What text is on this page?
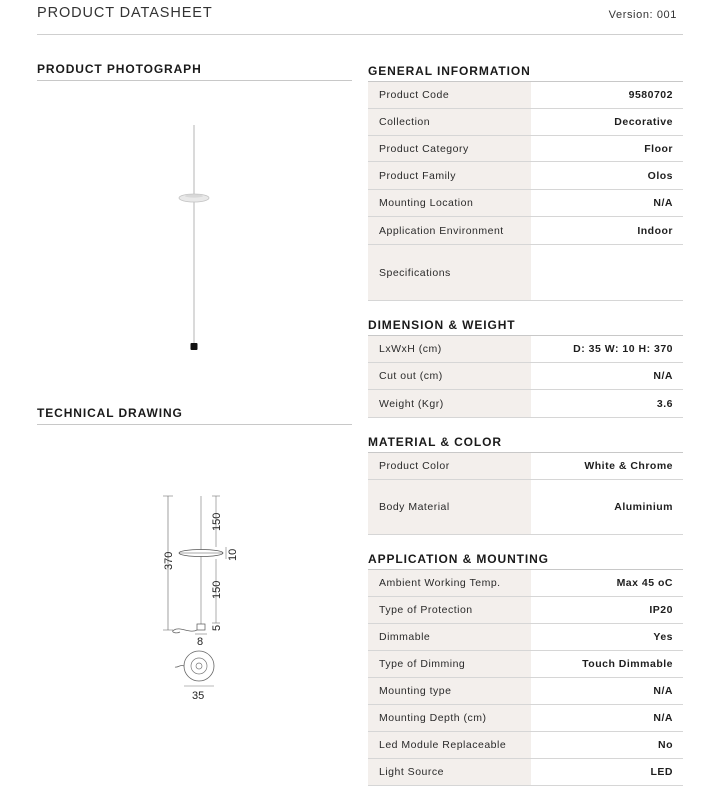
PRODUCT DATASHEET	Version: 001
PRODUCT PHOTOGRAPH
TECHNICAL DRAWING
370
150
10
150
5
8
35
GENERAL INFORMATION
Product Code	9580702
Collection	Decorative
Product Category	Floor
Product Family	Olos
Mounting Location	N/A
Application Environment	Indoor
Specifications
DIMENSION & WEIGHT
LxWxH (cm)	D: 35 W: 10 H: 370
Cut out (cm)	N/A
Weight (Kgr)	3.6
MATERIAL & COLOR
Product Color	White & Chrome
Body Material	Aluminium
APPLICATION & MOUNTING
Ambient Working Temp.	Max 45 oC
Type of Protection	IP20
Dimmable	Yes
Type of Dimming	Touch Dimmable
Mounting type	N/A
Mounting Depth (cm)	N/A
Led Module Replaceable	No
Light Source	LED
